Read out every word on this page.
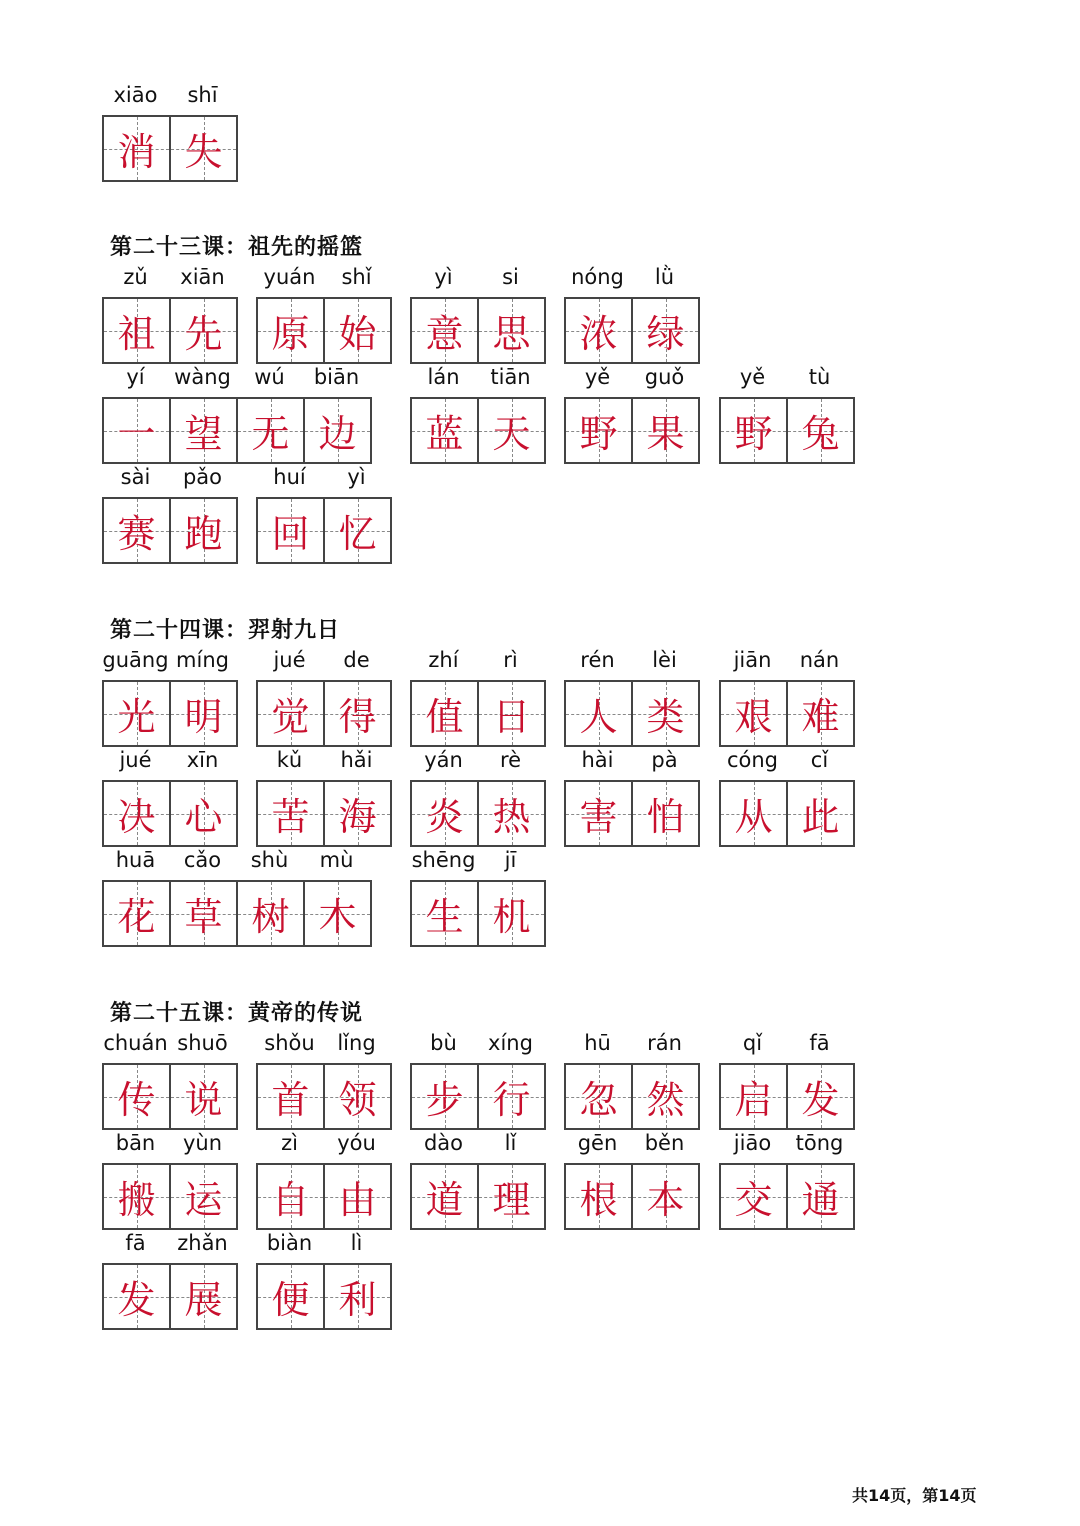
第二十三课：祖先的摇篮
第二十四课：羿射九日
第二十五课：黄帝的传说
共14页，第14页
xiāo	shī
消 失
zǔ	xiān
祖 先
yuán	shǐ
原 始
yì	si
意 思
nóng	lǜ
浓 绿
yí	wàng	wú	biān
一 望 无 边
lán	tiān
蓝 天
yě	guǒ
野 果
yě	tù
野 兔
sài	pǎo
赛 跑
huí	yì
回 忆
guāng míng
光 明
jué	de
觉 得
zhí	rì
值 日
rén	lèi
人 类
jiān	nán
艰 难
jué	xīn
决 心
kǔ	hǎi
苦 海
yán	rè
炎 热
hài	pà
害 怕
cóng	cǐ
从 此
huā	cǎo	shù	mù
花 草 树 木
shēng	jī
生 机
chuán shuō
传 说
shǒu	lǐng
首 领
bù	xíng
步 行
hū	rán
忽 然
qǐ	fā
启 发
bān	yùn
搬 运
zì	yóu
自 由
dào	lǐ
道 理
gēn	běn
根 本
jiāo	tōng
交 通
fā	zhǎn
发 展
biàn	lì
便 利
